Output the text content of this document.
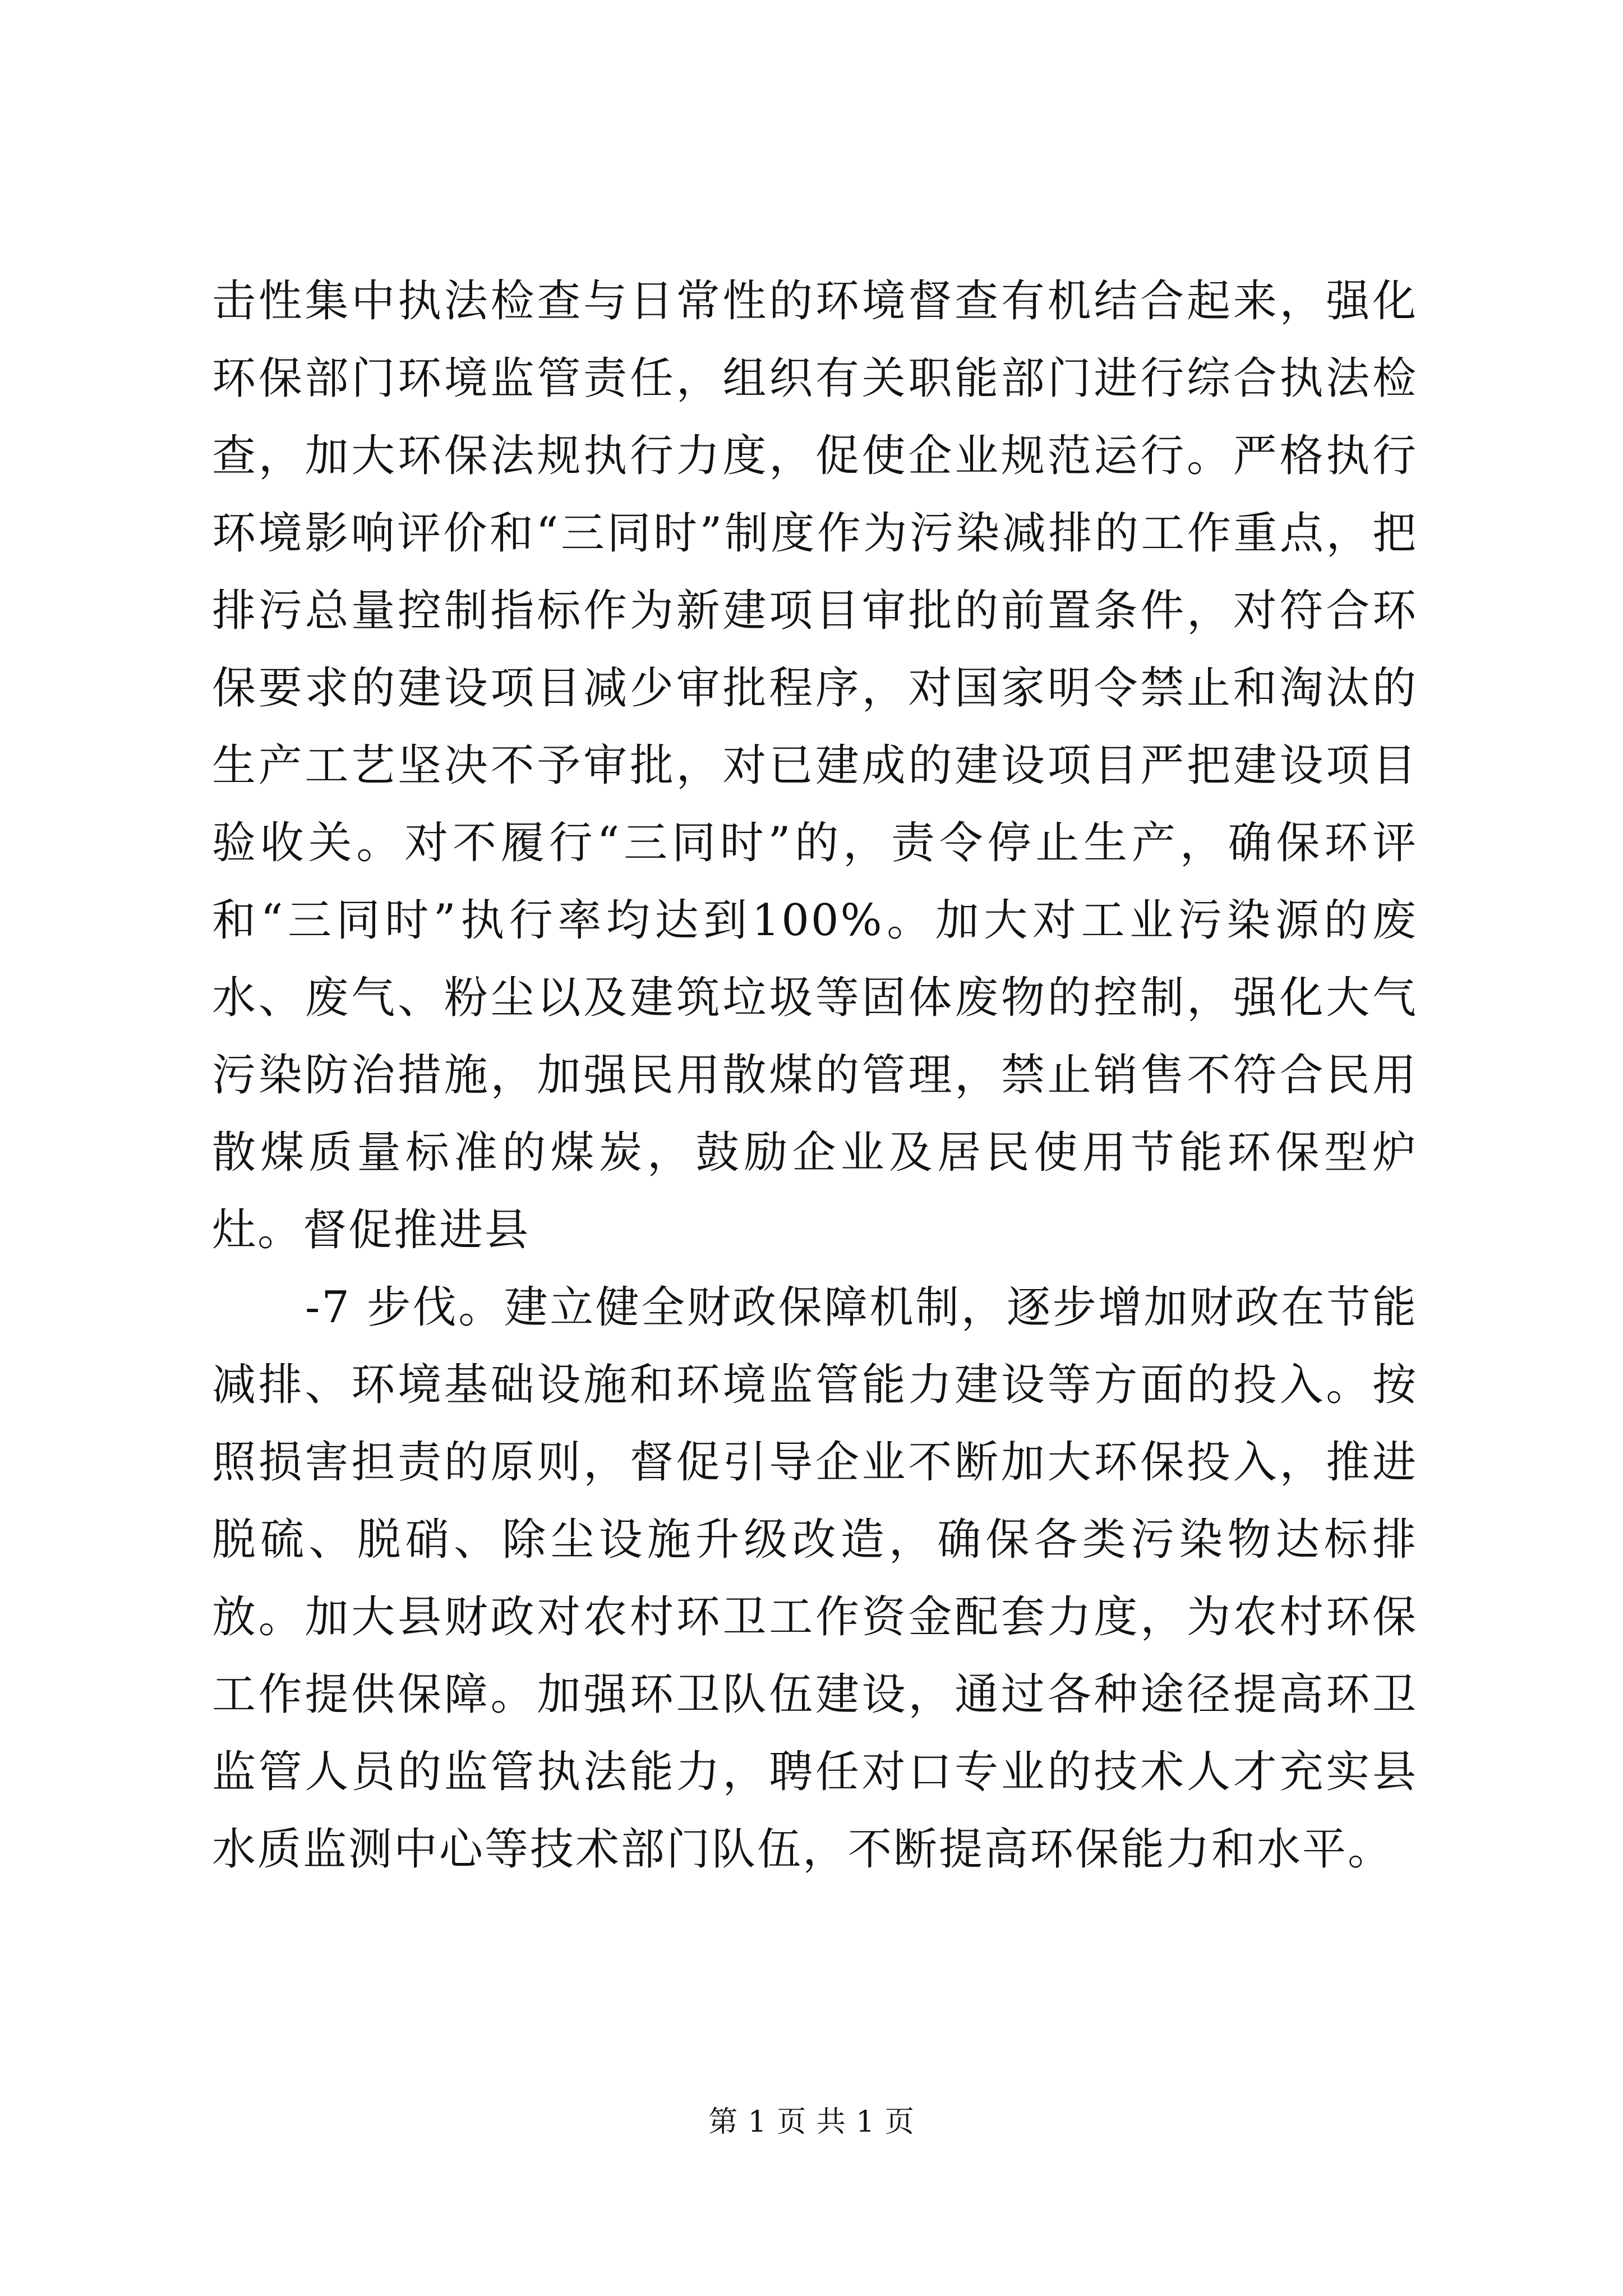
击性集中执法检查与日常性的环境督查有机结合起来，强化环保部门环境监管责任，组织有关职能部门进行综合执法检查，加大环保法规执行力度，促使企业规范运行。严格执行环境影响评价和“三同时”制度作为污染减排的工作重点，把排污总量控制指标作为新建项目审批的前置条件，对符合环保要求的建设项目减少审批程序，对国家明令禁止和淘汰的生产工艺坚决不予审批，对已建成的建设项目严把建设项目验收关。对不履行“三同时”的，责令停止生产，确保环评和“三同时”执行率均达到100%。加大对工业污染源的废水、废气、粉尘以及建筑垃圾等固体废物的控制，强化大气污染防治措施，加强民用散煤的管理，禁止销售不符合民用散煤质量标准的煤炭，鼓励企业及居民使用节能环保型炉灶。督促推进县

-7 步伐。建立健全财政保障机制，逐步增加财政在节能减排、环境基础设施和环境监管能力建设等方面的投入。按照损害担责的原则，督促引导企业不断加大环保投入，推进脱硫、脱硝、除尘设施升级改造，确保各类污染物达标排放。加大县财政对农村环卫工作资金配套力度，为农村环保工作提供保障。加强环卫队伍建设，通过各种途径提高环卫监管人员的监管执法能力，聘任对口专业的技术人才充实县水质监测中心等技术部门队伍，不断提高环保能力和水平。

第 1 页 共 1 页
